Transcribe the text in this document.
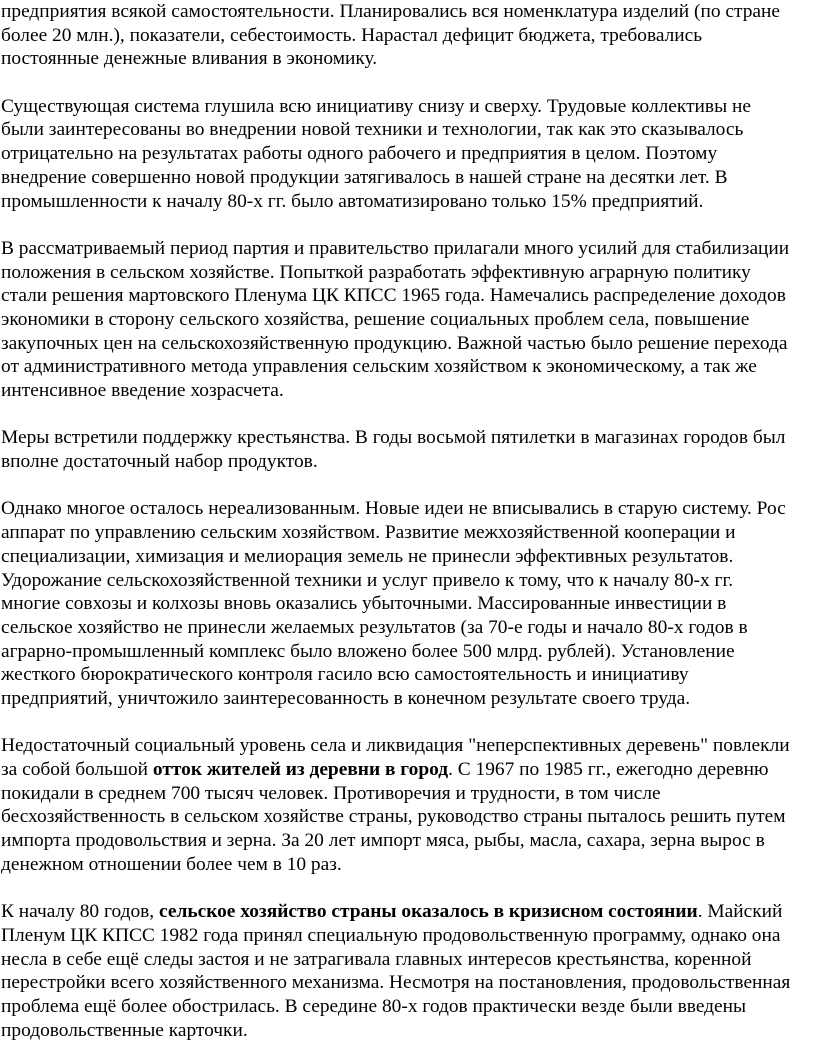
предприятия всякой самостоятельности. Планировались вся номенклатура изделий (по стране
более 20 млн.), показатели, себестоимость. Нарастал дефицит бюджета, требовались
постоянные денежные вливания в экономику.
Существующая система глушила всю инициативу снизу и сверху. Трудовые коллективы не
были заинтересованы во внедрении новой техники и технологии, так как это сказывалось
отрицательно на результатах работы одного рабочего и предприятия в целом. Поэтому
внедрение совершенно новой продукции затягивалось в нашей стране на десятки лет. В
промышленности к началу 80-х гг. было автоматизировано только 15% предприятий.
В рассматриваемый период партия и правительство прилагали много усилий для стабилизации
положения в сельском хозяйстве. Попыткой разработать эффективную аграрную политику
стали решения мартовского Пленума ЦК КПСС 1965 года. Намечались распределение доходов
экономики в сторону сельского хозяйства, решение социальных проблем села, повышение
закупочных цен на сельскохозяйственную продукцию. Важной частью было решение перехода
от административного метода управления сельским хозяйством к экономическому, а так же
интенсивное введение хозрасчета.
Меры встретили поддержку крестьянства. В годы восьмой пятилетки в магазинах городов был
вполне достаточный набор продуктов.
Однако многое осталось нереализованным. Новые идеи не вписывались в старую систему. Рос
аппарат по управлению сельским хозяйством. Развитие межхозяйственной кооперации и
специализации, химизация и мелиорация земель не принесли эффективных результатов.
Удорожание сельскохозяйственной техники и услуг привело к тому, что к началу 80-х гг.
многие совхозы и колхозы вновь оказались убыточными. Массированные инвестиции в
сельское хозяйство не принесли желаемых результатов (за 70-е годы и начало 80-х годов в
аграрно-промышленный комплекс было вложено более 500 млрд. рублей). Установление
жесткого бюрократического контроля гасило всю самостоятельность и инициативу
предприятий, уничтожило заинтересованность в конечном результате своего труда.
Недостаточный социальный уровень села и ликвидация "неперспективных деревень" повлекли
за собой большой отток жителей из деревни в город. С 1967 по 1985 гг., ежегодно деревню
покидали в среднем 700 тысяч человек. Противоречия и трудности, в том числе
бесхозяйственность в сельском хозяйстве страны, руководство страны пыталось решить путем
импорта продовольствия и зерна. За 20 лет импорт мяса, рыбы, масла, сахара, зерна вырос в
денежном отношении более чем в 10 раз.
К началу 80 годов, сельское хозяйство страны оказалось в кризисном состоянии. Майский
Пленум ЦК КПСС 1982 года принял специальную продовольственную программу, однако она
несла в себе ещё следы застоя и не затрагивала главных интересов крестьянства, коренной
перестройки всего хозяйственного механизма. Несмотря на постановления, продовольственная
проблема ещё более обострилась. В середине 80-х годов практически везде были введены
продовольственные карточки.
